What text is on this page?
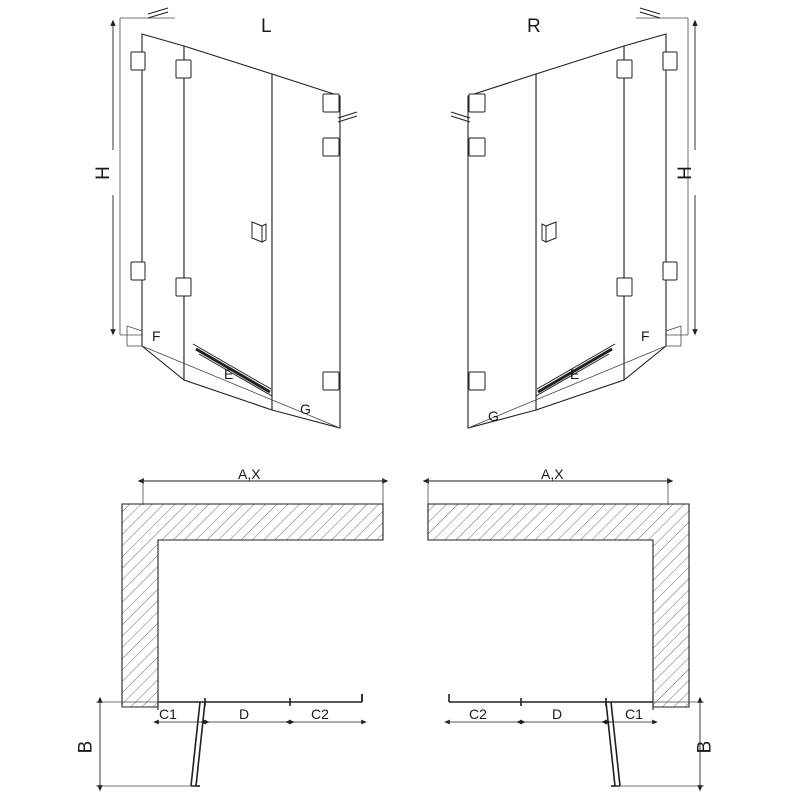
L	R
H	H
F
E
G
F
E
G
A,X	A,X
C1	D	C2	C2	D	C1
B	B
